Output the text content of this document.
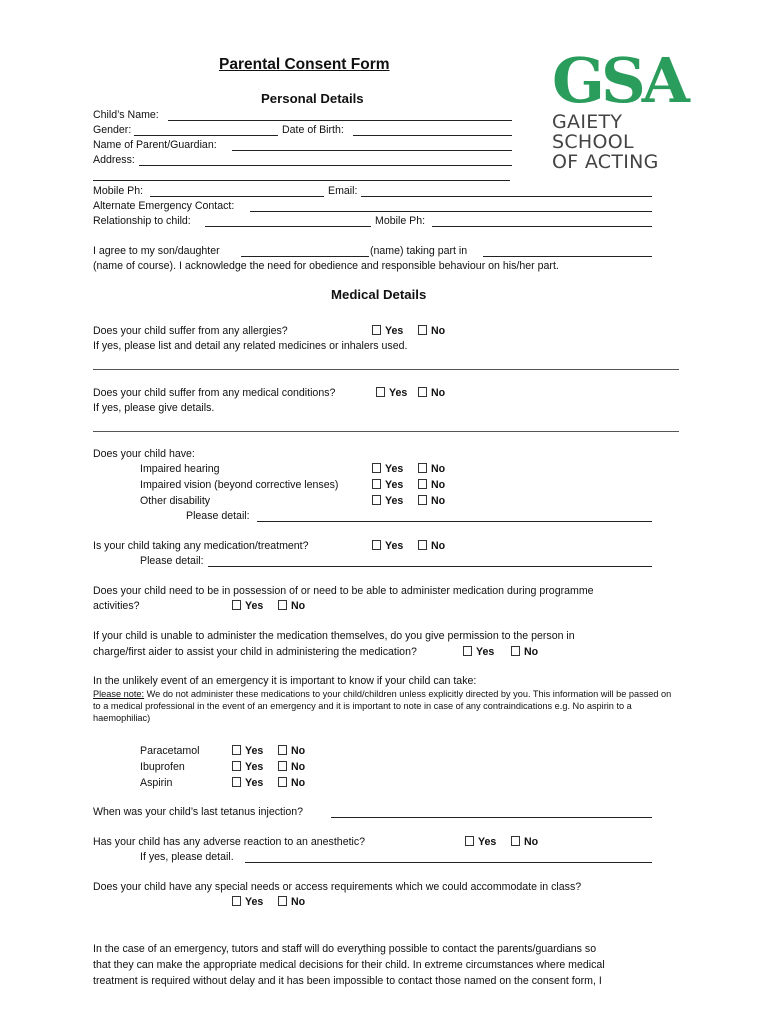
Parental Consent Form
Personal Details	GSA
GAIETY
SCHOOL
OF ACTING
Child’s Name:
Gender:	Date of Birth:
Name of Parent/Guardian:
Address:
Mobile Ph:	Email:
Alternate Emergency Contact:
Relationship to child:	Mobile Ph:
I agree to my son/daughter	(name) taking part in
(name of course). I acknowledge the need for obedience and responsible behaviour on his/her part.
Medical Details
Does your child suffer from any allergies?	Yes	No
If yes, please list and detail any related medicines or inhalers used.
Does your child suffer from any medical conditions?	Yes	No
If yes, please give details.
Does your child have:
Impaired hearing	Yes	No
Impaired vision (beyond corrective lenses)	Yes	No
Other disability	Yes	No
Please detail:
Is your child taking any medication/treatment?	Yes	No
Please detail:
Does your child need to be in possession of or need to be able to administer medication during programme
activities?	Yes	No
If your child is unable to administer the medication themselves, do you give permission to the person in
charge/first aider to assist your child in administering the medication?	Yes	No
In the unlikely event of an emergency it is important to know if your child can take:
Please note: We do not administer these medications to your child/children unless explicitly directed by you. This information will be passed on to a medical professional in the event of an emergency and it is important to note in case of any contraindications e.g. No aspirin to a haemophiliac)
Paracetamol	Yes	No
Ibuprofen	Yes	No
Aspirin	Yes	No
When was your child’s last tetanus injection?
Has your child has any adverse reaction to an anesthetic?	Yes	No
If yes, please detail.
Does your child have any special needs or access requirements which we could accommodate in class?
Yes	No
In the case of an emergency, tutors and staff will do everything possible to contact the parents/guardians so
that they can make the appropriate medical decisions for their child. In extreme circumstances where medical
treatment is required without delay and it has been impossible to contact those named on the consent form, I
